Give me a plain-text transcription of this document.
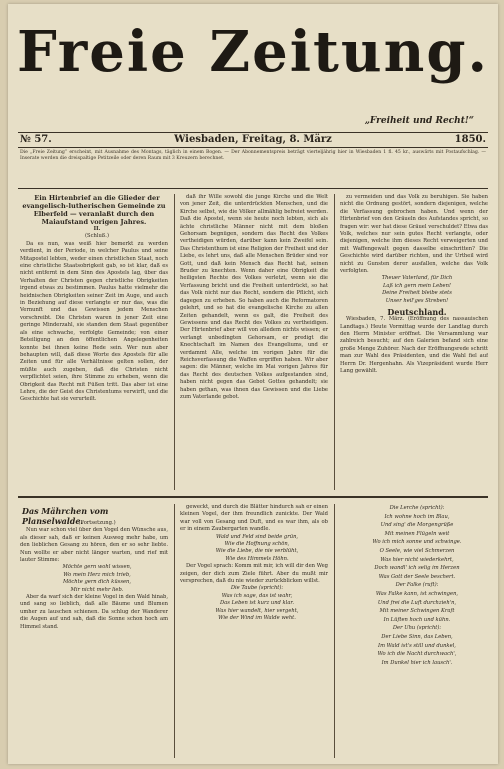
Freie Zeitung.
„Freiheit und Recht!“
№ 57.	Wiesbaden, Freitag, 8. März	1850.
Die „Freie Zeitung“ erscheint, mit Ausnahme des Montags, täglich in einem Bogen. — Der Abonnementspreis beträgt vierteljährig hier in Wiesbaden 1 fl. 45 kr., auswärts mit Postaufschlag. — Inserate werden die dreispaltige Petitzeile oder deren Raum mit 3 Kreuzern berechnet.

Ein Hirtenbrief an die Glieder der evangelisch-lutherischen Gemeinde zu Elberfeld — veranlaßt durch den Maiaufstand vorigen Jahres.

II.

(Schluß.)

Da es nun, was weiß hier bemerkt zu werden verdient, in der Periode, in welcher Paulus und seine Mitapostel lebten, weder einen christlichen Staat, noch eine christliche Staatsobrigkeit gab, so ist klar, daß es nicht entfernt in dem Sinn des Apostels lag, über das Verhalten der Christen gegen christliche Obrigkeiten irgend etwas zu bestimmen. Paulus hatte vielmehr die heidnischen Obrigkeiten seiner Zeit im Auge, und auch in Beziehung auf diese verlangte er nur das, was die Vernunft und das Gewissen jedem Menschen vorschreibt. Die Christen waren in jener Zeit eine geringe Minderzahl, sie standen dem Staat gegenüber als eine schwache, verfolgte Gemeinde; von einer Beteiligung an den öffentlichen Angelegenheiten konnte bei ihnen keine Rede sein. Wer nun aber behaupten will, daß diese Worte des Apostels für alle Zeiten und für alle Verhältnisse gelten sollen, der müßte auch zugeben, daß die Christen nicht verpflichtet seien, ihre Stimme zu erheben, wenn die Obrigkeit das Recht mit Füßen tritt. Das aber ist eine Lehre, die der Geist des Christentums verwirft, und die Geschichte hat sie verurteilt.

daß ihr Wille sowohl die junge Kirche und die Welt von jener Zeit, die unterdrückten Menschen, und die Kirche selbst, wie die Völker allmählig befreiet werden. Daß die Apostel, wenn sie heute noch lebten, sich als ächte christliche Männer nicht mit dem bloßen Gehorsam begnügen, sondern das Recht des Volkes vertheidigen würden, darüber kann kein Zweifel sein. Das Christenthum ist eine Religion der Freiheit und der Liebe, es lehrt uns, daß alle Menschen Brüder sind vor Gott, und daß kein Mensch das Recht hat, seinen Bruder zu knechten. Wenn daher eine Obrigkeit die heiligsten Rechte des Volkes verletzt, wenn sie die Verfassung bricht und die Freiheit unterdrückt, so hat das Volk nicht nur das Recht, sondern die Pflicht, sich dagegen zu erheben. So haben auch die Reformatoren gelehrt, und so hat die evangelische Kirche zu allen Zeiten gehandelt, wenn es galt, die Freiheit des Gewissens und das Recht des Volkes zu vertheidigen. Der Hirtenbrief aber will von alledem nichts wissen; er verlangt unbedingten Gehorsam, er predigt die Knechtschaft im Namen des Evangeliums, und er verdammt Alle, welche im vorigen Jahre für die Reichsverfassung die Waffen ergriffen haben. Wir aber sagen: die Männer, welche im Mai vorigen Jahres für das Recht des deutschen Volkes aufgestanden sind, haben nicht gegen das Gebot Gottes gehandelt; sie haben gethan, was ihnen das Gewissen und die Liebe zum Vaterlande gebot.

zu vermeiden und das Volk zu beruhigen. Sie haben nicht die Ordnung gestört, sondern diejenigen, welche die Verfassung gebrochen haben. Und wenn der Hirtenbrief von den Gräueln des Aufstandes spricht, so fragen wir: wer hat diese Gräuel verschuldet? Etwa das Volk, welches nur sein gutes Recht verlangte, oder diejenigen, welche ihm dieses Recht verweigerten und mit Waffengewalt gegen dasselbe einschritten? Die Geschichte wird darüber richten, und ihr Urtheil wird nicht zu Gunsten derer ausfallen, welche das Volk verfolgten.

Theuer Vaterland, für Dich

Laß ich gern mein Leben!

Deine Freiheit bleibe stets

Unser heil'ges Streben!

Deutschland.

Wiesbaden, 7. März. (Eröffnung des nassauischen Landtags.) Heute Vormittag wurde der Landtag durch den Herrn Minister eröffnet. Die Versammlung war zahlreich besucht; auf den Galerien befand sich eine große Menge Zuhörer. Nach der Eröffnungsrede schritt man zur Wahl des Präsidenten, und die Wahl fiel auf Herrn Dr. Hergenhahn. Als Vizepräsident wurde Herr Lang gewählt.

Das Mährchen vom Planselwalde.

(Fortsetzung.)

Nun war schon viel über den Vogel den Wünsche aus, als dieser sah, daß er keinen Ausweg mehr habe, um den lieblichen Gesang zu hören, den er so sehr liebte. Nun wollte er aber nicht länger warten, und rief mit lauter Stimme:

Möchte gern wohl wissen,

Wo mein Herz mich trieb,

Möchte gern dich küssen,

Mir nicht mehr lieb.

Aber da warf sich der kleine Vogel in den Wald hinab, und sang so lieblich, daß alle Bäume und Blumen umher zu lauschen schienen. Da schlug der Wanderer die Augen auf und sah, daß die Sonne schon hoch am Himmel stand.

geweckt, und durch die Blätter hindurch sah er einen kleinen Vogel, der ihm freundlich zunickte. Der Wald war voll von Gesang und Duft, und es war ihm, als ob er in einem Zaubergarten wandle.

Wald und Feld sind beide grün,

Wie die Hoffnung schön,

Wie die Liebe, die nie verblüht,

Wie des Himmels Höhn.

Der Vogel sprach: Komm mit mir, ich will dir den Weg zeigen, der dich zum Ziele führt. Aber du mußt mir versprechen, daß du nie wieder zurückblicken willst.

Die Taube (spricht):

Was ich sage, das ist wahr,

Das Leben ist kurz und klar.

Was hier wandelt, hier vergeht,

Wie der Wind im Walde weht.

Die Lerche (spricht):

Ich wohne hoch im Blau,

Und sing' die Morgengrüße

Mit meinen Flügeln weit

Wo ich mich sonne und schwinge.

O Seele, wie viel Schmerzen

Was hier nicht wiederkehrt,

Doch wandl' ich selig im Herzen

Was Gott der Seele beschert.

Der Falke (ruft):

Was Falke kann, ist schwingen,

Und frei die Luft durchzieh'n,

Mit meiner Schwingen Kraft

In Lüften hoch und kühn.

Der Uhu (spricht):

Der Liebe Sinn, das Leben,

Im Wald ist's still und dunkel,

Wo ich die Nacht durchwach',

Im Dunkel hier ich lausch'.
